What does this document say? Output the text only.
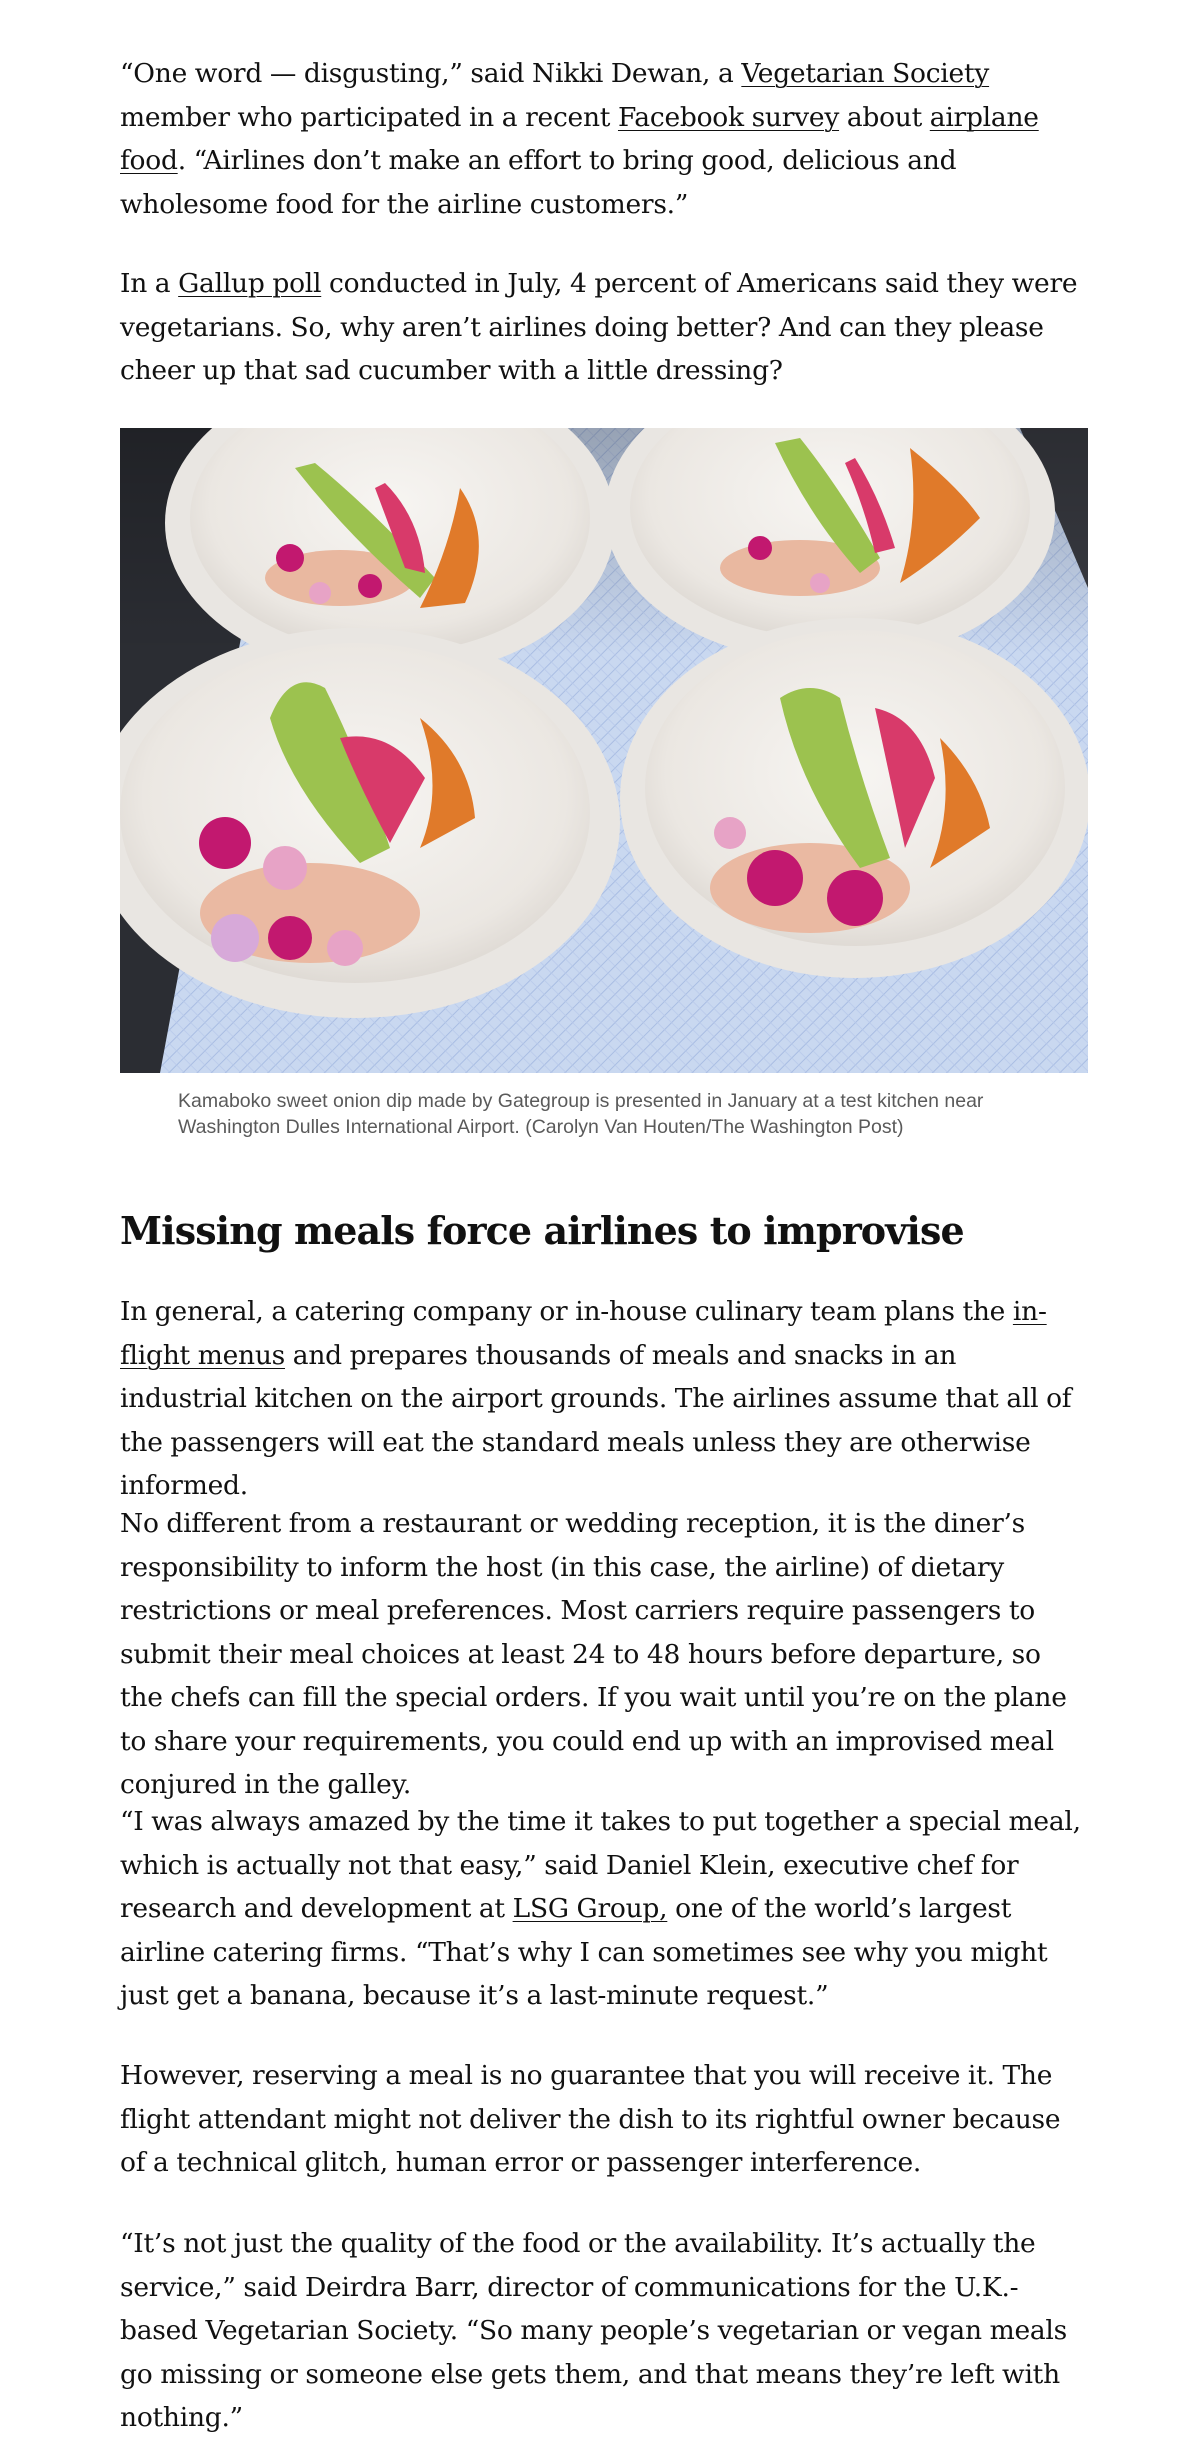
“One word — disgusting,” said Nikki Dewan, a Vegetarian Society member who participated in a recent Facebook survey about airplane food. “Airlines don’t make an effort to bring good, delicious and wholesome food for the airline customers.”

In a Gallup poll conducted in July, 4 percent of Americans said they were vegetarians. So, why aren’t airlines doing better? And can they please cheer up that sad cucumber with a little dressing?

Kamaboko sweet onion dip made by Gategroup is presented in January at a test kitchen near Washington Dulles International Airport. (Carolyn Van Houten/The Washington Post)

Missing meals force airlines to improvise

In general, a catering company or in-house culinary team plans the in-flight menus and prepares thousands of meals and snacks in an industrial kitchen on the airport grounds. The airlines assume that all of the passengers will eat the standard meals unless they are otherwise informed.

No different from a restaurant or wedding reception, it is the diner’s responsibility to inform the host (in this case, the airline) of dietary restrictions or meal preferences. Most carriers require passengers to submit their meal choices at least 24 to 48 hours before departure, so the chefs can fill the special orders. If you wait until you’re on the plane to share your requirements, you could end up with an improvised meal conjured in the galley.

“I was always amazed by the time it takes to put together a special meal, which is actually not that easy,” said Daniel Klein, executive chef for research and development at LSG Group, one of the world’s largest airline catering firms. “That’s why I can sometimes see why you might just get a banana, because it’s a last-minute request.”

However, reserving a meal is no guarantee that you will receive it. The flight attendant might not deliver the dish to its rightful owner because of a technical glitch, human error or passenger interference.

“It’s not just the quality of the food or the availability. It’s actually the service,” said Deirdra Barr, director of communications for the U.K.-based Vegetarian Society. “So many people’s vegetarian or vegan meals go missing or someone else gets them, and that means they’re left with nothing.”
